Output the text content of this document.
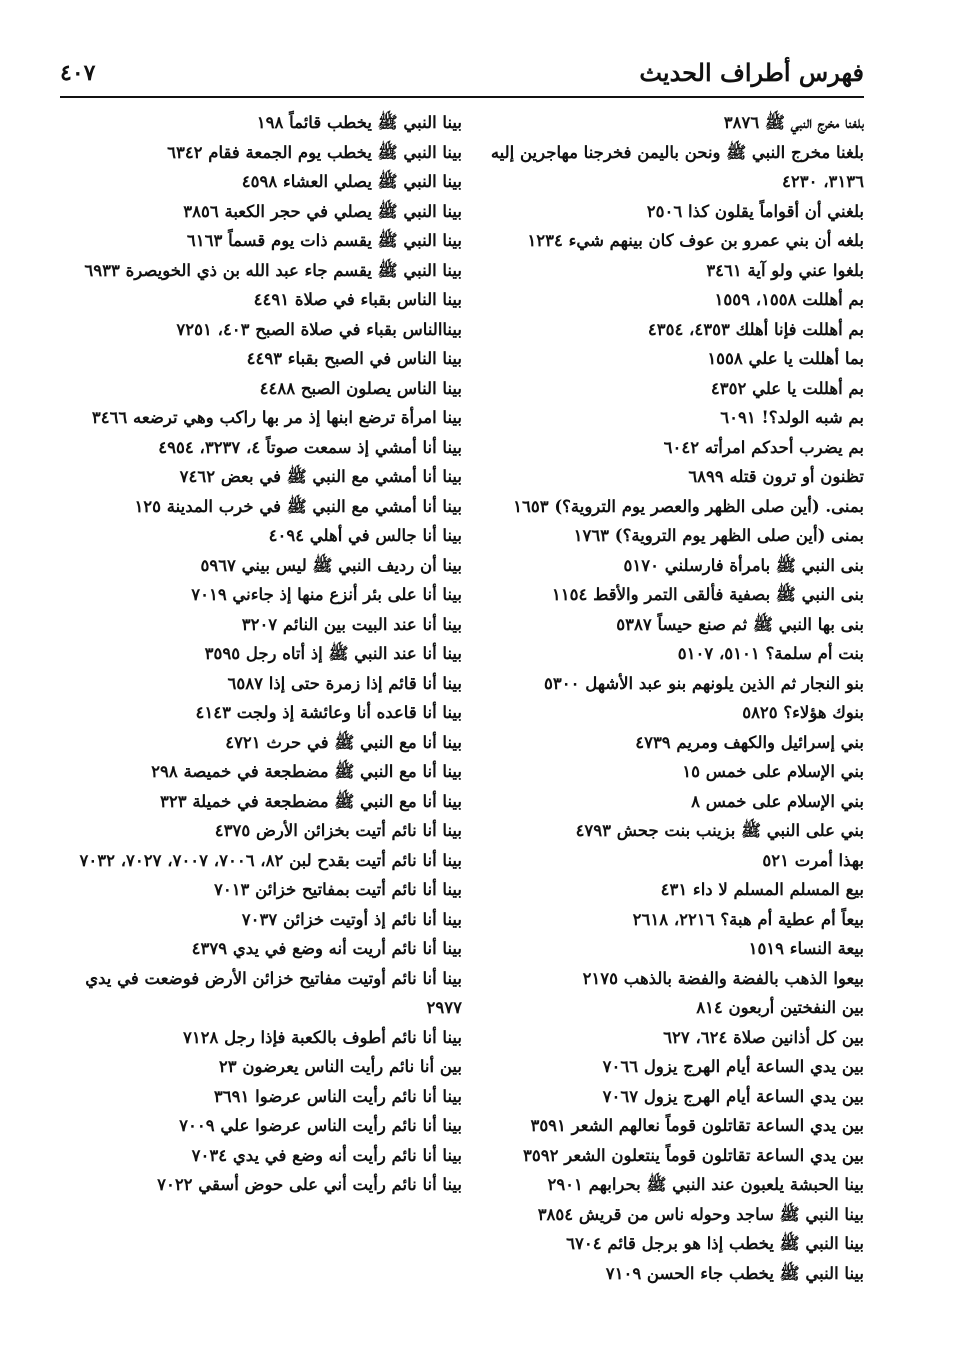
فهرس أطراف الحديث
٤٠٧

بلغنا مخرج النبي ﷺ ٣٨٧٦

بلغنا مخرج النبي ﷺ ونحن باليمن فخرجنا مهاجرين إليه ٣١٣٦، ٤٢٣٠

بلغني أن أقواماً يقلون كذا ٢٥٠٦

بلغه أن بني عمرو بن عوف كان بينهم شيء ١٢٣٤

بلغوا عني ولو آية ٣٤٦١

بم أهللت ١٥٥٨، ١٥٥٩

بم أهللت فإنا أهلك ٤٣٥٣، ٤٣٥٤

بما أهللت يا علي ١٥٥٨

بم أهللت يا علي ٤٣٥٢

بم شبه الولد؟! ٦٠٩١

بم يضرب أحدكم امرأته ٦٠٤٢

تظنون أو ترون قتله ٦٨٩٩

بمنى. (أين صلى الظهر والعصر يوم التروية؟) ١٦٥٣

بمنى (أين صلى الظهر يوم التروية؟) ١٧٦٣

بنى النبي ﷺ بامرأة فارسلني ٥١٧٠

بنى النبي ﷺ بصفية فألقى التمر والأقط ١١٥٤

بنى بها النبي ﷺ ثم صنع حيساً ٥٣٨٧

بنت أم سلمة؟ ٥١٠١، ٥١٠٧

بنو النجار ثم الذين يلونهم بنو عبد الأشهل ٥٣٠٠

بنوك هؤلاء؟ ٥٨٢٥

بني إسرائيل والكهف ومريم ٤٧٣٩

بني الإسلام على خمس ١٥

بني الإسلام على خمس ٨

بني على النبي ﷺ بزينب بنت جحش ٤٧٩٣

بهذا أمرت ٥٢١

بيع المسلم المسلم لا داء ٤٣١

بيعاً أم عطية أم هبة؟ ٢٢١٦، ٢٦١٨

بيعة النساء ١٥١٩

بيعوا الذهب بالفضة والفضة بالذهب ٢١٧٥

بين النفختين أربعون ٨١٤

بين كل أذانين صلاة ٦٢٤، ٦٢٧

بين يدي الساعة أيام الهرج يزول ٧٠٦٦

بين يدي الساعة أيام الهرج يزول ٧٠٦٧

بين يدي الساعة تقاتلون قوماً نعالهم الشعر ٣٥٩١

بين يدي الساعة تقاتلون قوماً ينتعلون الشعر ٣٥٩٢

بينا الحبشة يلعبون عند النبي ﷺ بحرابهم ٢٩٠١

بينا النبي ﷺ ساجد وحوله ناس من قريش ٣٨٥٤

بينا النبي ﷺ يخطب إذا هو برجل قائم ٦٧٠٤

بينا النبي ﷺ يخطب جاء الحسن ٧١٠٩

بينا النبي ﷺ يخطب قائماً ١٩٨

بينا النبي ﷺ يخطب يوم الجمعة فقام ٦٣٤٢

بينا النبي ﷺ يصلي العشاء ٤٥٩٨

بينا النبي ﷺ يصلي في حجر الكعبة ٣٨٥٦

بينا النبي ﷺ يقسم ذات يوم قسماً ٦١٦٣

بينا النبي ﷺ يقسم جاء عبد الله بن ذي الخويصرة ٦٩٣٣

بينا الناس بقباء في صلاة ٤٤٩١

بيناالناس بقباء في صلاة الصبح ٤٠٣، ٧٢٥١

بينا الناس في الصبح بقباء ٤٤٩٣

بينا الناس يصلون الصبح ٤٤٨٨

بينا امرأة ترضع ابنها إذ مر بها راكب وهي ترضعه ٣٤٦٦

بينا أنا أمشي إذ سمعت صوتاً ٤، ٣٢٣٧، ٤٩٥٤

بينا أنا أمشي مع النبي ﷺ في بعض ٧٤٦٢

بينا أنا أمشي مع النبي ﷺ في خرب المدينة ١٢٥

بينا أنا جالس في أهلي ٤٠٩٤

بينا أن رديف النبي ﷺ ليس بيني ٥٩٦٧

بينا أنا على بئر أنزع منها إذ جاءني ٧٠١٩

بينا أنا عند البيت بين النائم ٣٢٠٧

بينا أنا عند النبي ﷺ إذ أتاه رجل ٣٥٩٥

بينا أنا قائم إذا زمرة حتى إذا ٦٥٨٧

بينا أنا قاعده أنا وعائشة إذ ولجت ٤١٤٣

بينا أنا مع النبي ﷺ في حرث ٤٧٢١

بينا أنا مع النبي ﷺ مضطجعة في خميصة ٢٩٨

بينا أنا مع النبي ﷺ مضطجعة في خميلة ٣٢٣

بينا أنا نائم أتيت بخزائن الأرض ٤٣٧٥

بينا أنا نائم أتيت بقدح لبن ٨٢، ٧٠٠٦، ٧٠٠٧، ٧٠٢٧، ٧٠٣٢

بينا أنا نائم أتيت بمفاتيح خزائن ٧٠١٣

بينا أنا نائم إذ أوتيت خزائن ٧٠٣٧

بينا أنا نائم أريت أنه وضع في يدي ٤٣٧٩

بينا أنا نائم أوتيت مفاتيح خزائن الأرض فوضعت في يدي ٢٩٧٧

بينا أنا نائم أطوف بالكعبة فإذا رجل ٧١٢٨

بين أنا نائم رأيت الناس يعرضون ٢٣

بينا أنا نائم رأيت الناس عرضوا ٣٦٩١

بينا أنا نائم رأيت الناس عرضوا علي ٧٠٠٩

بينا أنا نائم رأيت أنه وضع في يدي ٧٠٣٤

بينا أنا نائم رأيت أني على حوض أسقي ٧٠٢٢
